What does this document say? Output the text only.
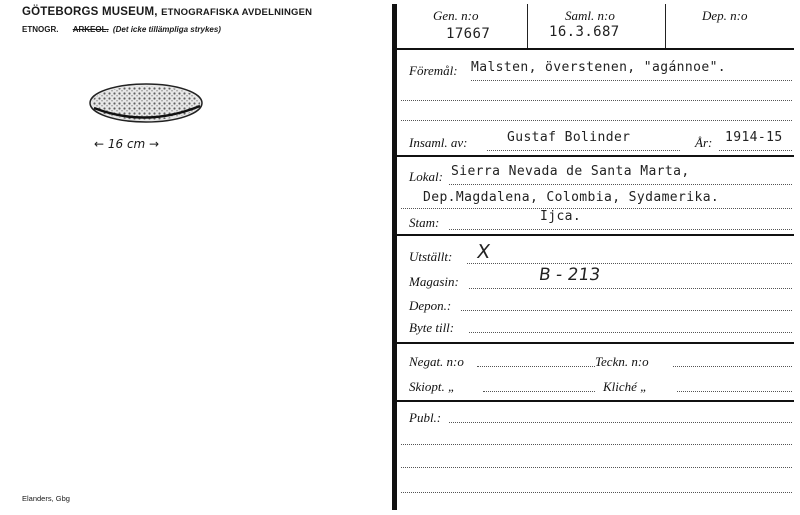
GÖTEBORGS MUSEUM, ETNOGRAFISKA AVDELNINGEN
ETNOGR. ARKEOL. (Det icke tillämpliga strykes)
← 16 cm →
Elanders, Gbg
Gen. n:o
17667
Saml. n:o
16.3.687
Dep. n:o
Föremål: Malsten, överstenen, "agánnoe".
Insaml. av:	Gustaf Bolinder	År: 1914-15
Lokal: Sierra Nevada de Santa Marta,
Dep.Magdalena, Colombia, Sydamerika.
Stam:	Ijca.
Utställt: X
Magasin:	B - 213
Depon.:
Byte till:
Negat. n:o	Teckn. n:o
Skiopt. „	Kliché „
Publ.:
